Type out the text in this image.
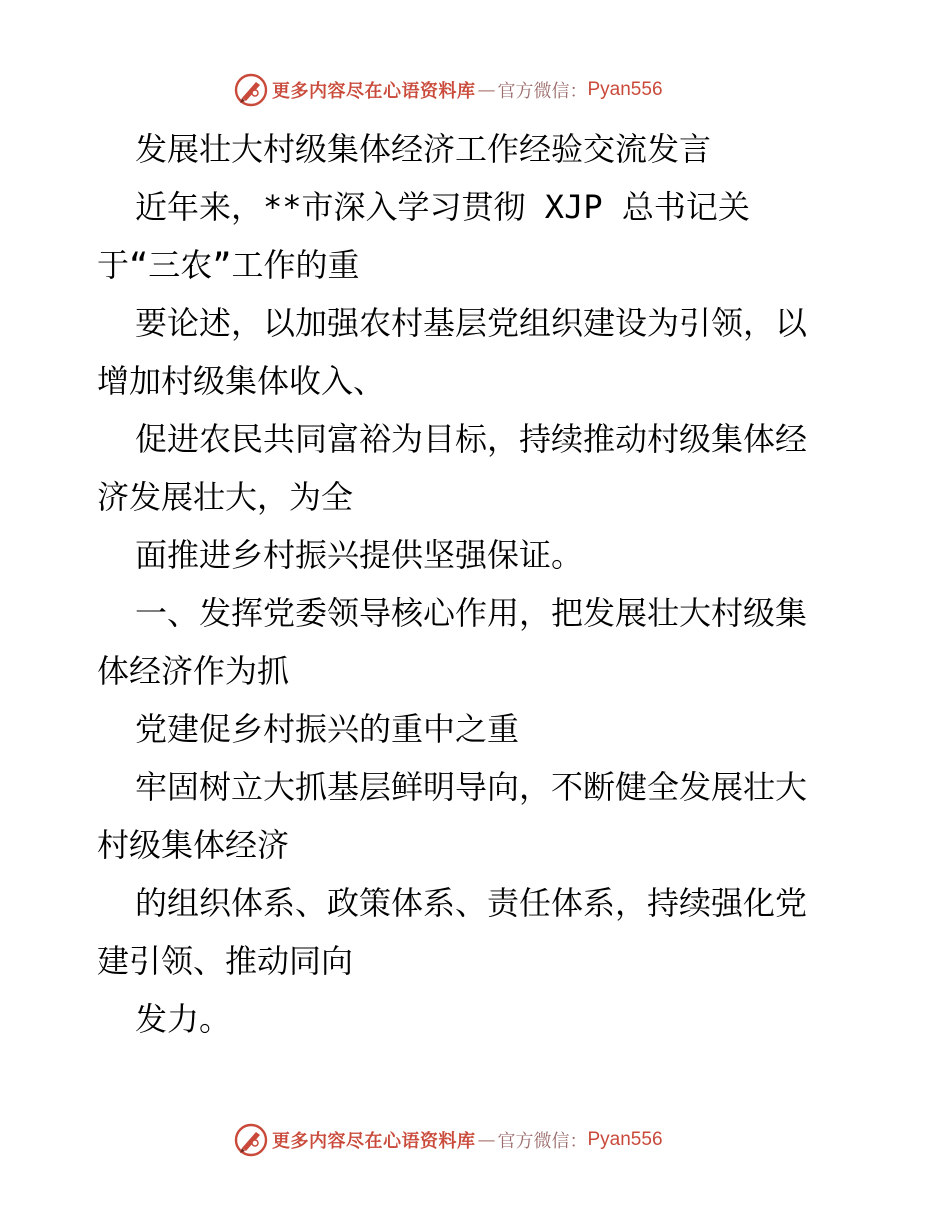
更多内容尽在心语资料库 — 官方微信： Pyan556
发展壮大村级集体经济工作经验交流发言
近年来，**市深入学习贯彻 XJP 总书记关
于“三农”工作的重
要论述，以加强农村基层党组织建设为引领，以
增加村级集体收入、
促进农民共同富裕为目标，持续推动村级集体经
济发展壮大，为全
面推进乡村振兴提供坚强保证。
一、发挥党委领导核心作用，把发展壮大村级集
体经济作为抓
党建促乡村振兴的重中之重
牢固树立大抓基层鲜明导向，不断健全发展壮大
村级集体经济
的组织体系、政策体系、责任体系，持续强化党
建引领、推动同向
发力。
更多内容尽在心语资料库 — 官方微信： Pyan556
